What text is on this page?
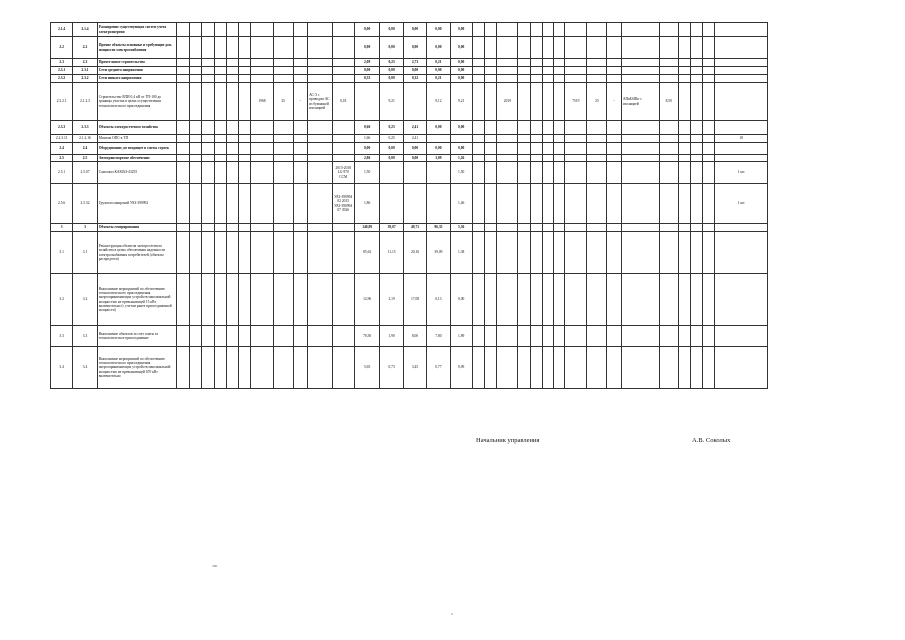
2.1.4	2.1.4	Расширение существующих систем учета электроэнергии												0,00	0,00	0,00	0,00	0,00																
2.2	2.2	Прочие объекты основные и требующие доп. мощности электроснабжения												0,00	0,00	0,00	0,00	0,00																
2.3	2.3	Прочее новое строительство												2,09	0,25	2,73	0,21	0,00																
2.3.1	2.3.1	Сети среднего напряжения												0,00	0,00	0,00	0,00	0,00																
2.3.2	2.3.2	Сети низкого напряжения												0,33	0,00	0,32	0,21	0,00																
2.3.2.1	2.1.2.3	Строительство ВЛИ 0,4 кВ от ТП-100 до границы участка в целях осуществления технологического присоединения							1968	25	-	АС-3 с проводом АС из бумажной изоляцией	0,18		9,21		9,12	9,21			2019					7519	25	-	АПвБбШп с изоляцией	8,50				
2.3.3	2.3.3	Объекты электросетевого хозяйства												0,66	0,25	2,41	0,00	0,00																
2.2.3.11	2.1.2.16	Монтаж ОПС в ТП												1,66	0,25	2,41																		18
2.4	2.4	Оборудование, не входящее в сметы строек												0,00	0,00	0,00	0,00	0,00																
2.5	2.5	Автотранспортное обеспечение												2,86	0,00	0,00	3,09	1,26																
2.5.1	2.5.07	Самосвал КАМАЗ-43255											2015-2018 LG 970 CCM	1,50				1,50																1 шт
2.5.6	2.5.32	Грузопассажирский УАЗ-390992											УАЗ-390994 02 2015 УАЗ-390994 07 3926	1,86				1,46																1 шт
3	3	Объекты генерирования												140,09	39,07	49,71	96,35	5,36																
3.1	3.1	Реконструкция объектов электросетевого хозяйства в целях обеспечения надежности электроснабжения потребителей (объекты распредсети)												85,63	11,15	20,16	39,09	1,38																
3.2	3.2	Выполнение мероприятий по обеспечению технологического присоединения энергопринимающих устройств максимальной мощностью не превышающей 15 кВт включительно (с учетом ранее присоединенной мощности)												12,96	2,19	17,08	0,13	0,00																
3.3	3.3	Выполнение объектов за счет платы за технологическое присоединение												70,50	1,90	8,00	7,80	1,89																
3.4	3.4	Выполнение мероприятий по обеспечению технологического присоединения энергопринимающих устройств максимальной мощностью не превышающей 670 кВт включительно												5,65	0,73	3,45	0,77	0,09																
Начальник управления	А.В. Соколых
300
2
